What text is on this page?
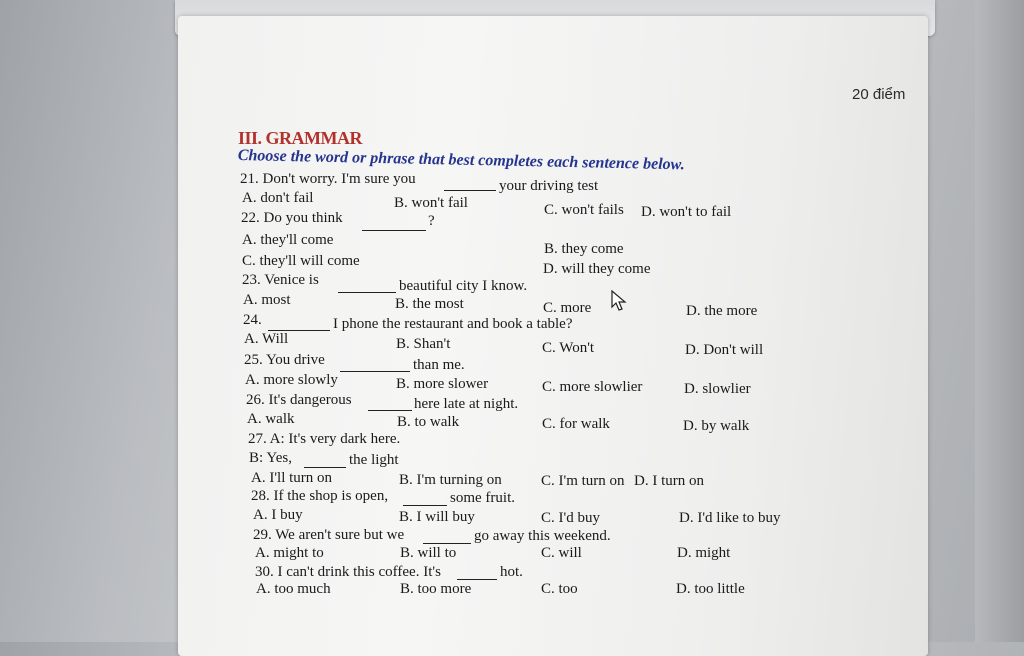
20 điểm
III. GRAMMAR
Choose the word or phrase that best completes each sentence below.
21. Don't worry. I'm sure you	your driving test
A. don't fail	B. won't fail	C. won't fails D. won't to fail
22. Do you think	?
A. they'll come
B. they come
C. they'll will come	D. will they come
23. Venice is	beautiful city I know.
A. most	B. the most	C. more	D. the more
24.	I phone the restaurant and book a table?
A. Will	B. Shan't	C. Won't	D. Don't will
25. You drive	than me.
A. more slowly	B. more slower	C. more slowlier	D. slowlier
26. It's dangerous	here late at night.
A. walk	B. to walk	C. for walk	D. by walk
27. A: It's very dark here.
B: Yes,	the light
A. I'll turn on	B. I'm turning on	C. I'm turn on D. I turn on
28. If the shop is open,	some fruit.
A. I buy	B. I will buy	C. I'd buy	D. I'd like to buy
29. We aren't sure but we	go away this weekend.
A. might to	B. will to	C. will	D. might
30. I can't drink this coffee. It's	hot.
A. too much	B. too more	C. too	D. too little
